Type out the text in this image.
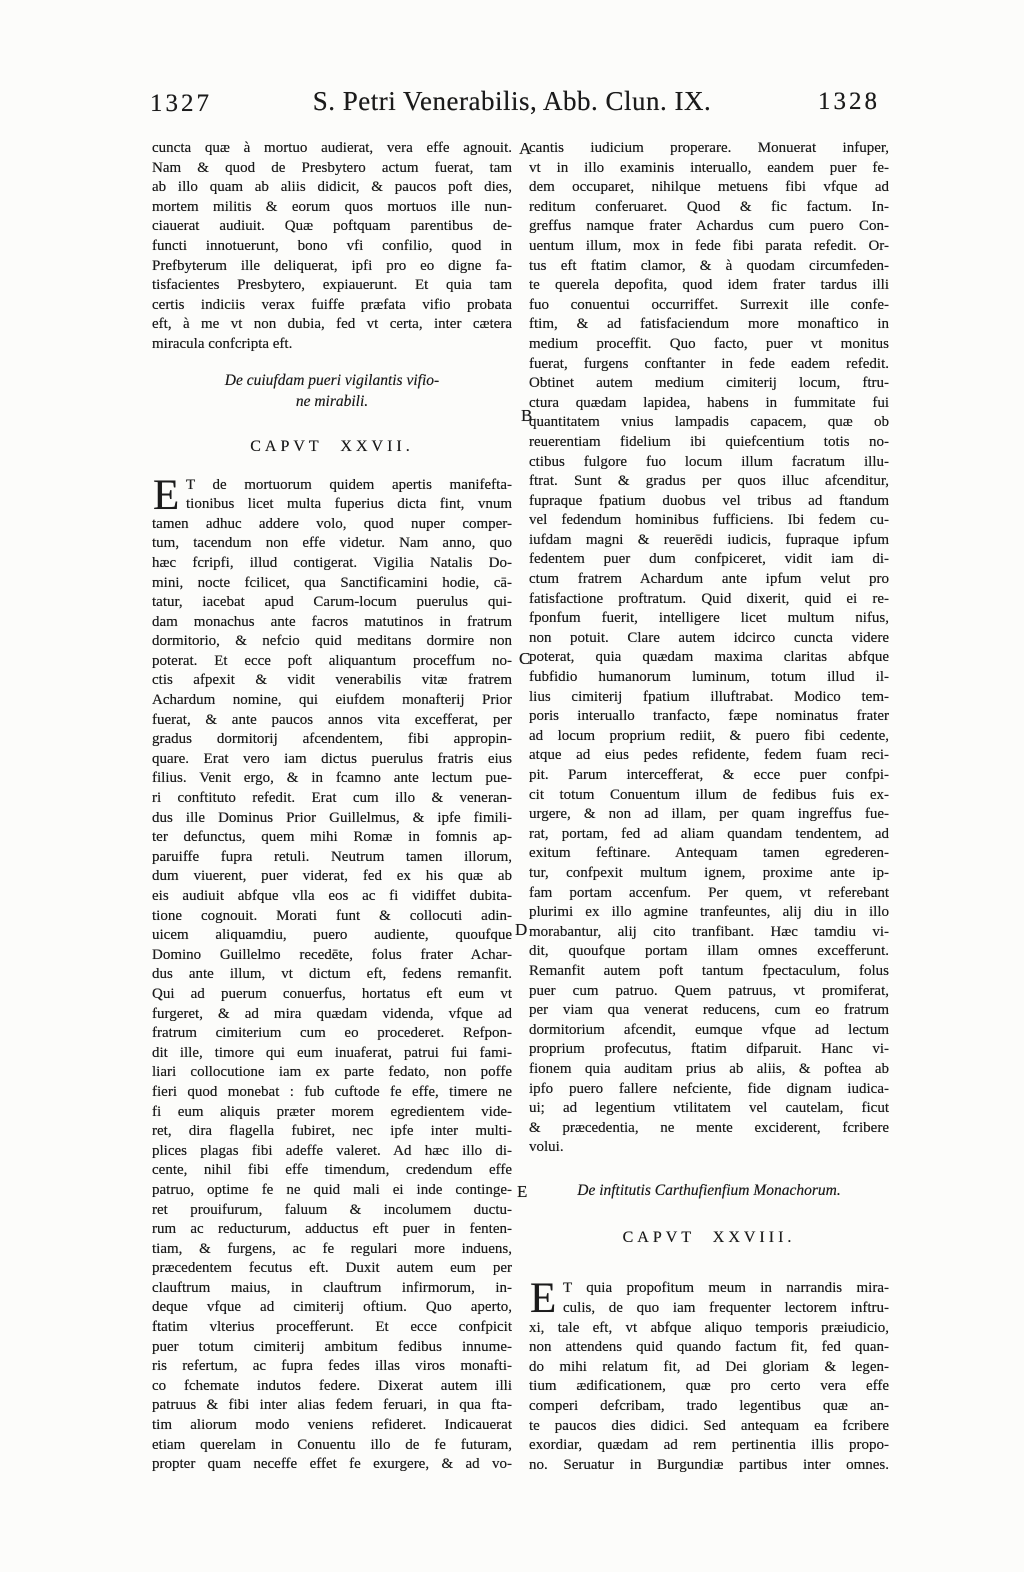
1327	S. Petri Venerabilis, Abb. Clun. IX.	1328
A
B
C
D
E
cuncta quæ à mortuo audierat, vera effe agnouit.
Nam & quod de Presbytero actum fuerat, tam
ab illo quam ab aliis didicit, & paucos poft dies,
mortem militis & eorum quos mortuos ille nun-
ciauerat audiuit. Quæ poftquam parentibus de-
functi innotuerunt, bono vfi confilio, quod in
Prefbyterum ille deliquerat, ipfi pro eo digne fa-
tisfacientes Presbytero, expiauerunt. Et quia tam
certis indiciis verax fuiffe præfata vifio probata
eft, à me vt non dubia, fed vt certa, inter cætera
miracula confcripta eft.
De cuiufdam pueri vigilantis vifio-
ne mirabili.
CAPVT XXVII.
E T de mortuorum quidem apertis manifefta-
tionibus licet multa fuperius dicta fint, vnum
tamen adhuc addere volo, quod nuper comper-
tum, tacendum non effe videtur. Nam anno, quo
hæc fcripfi, illud contigerat. Vigilia Natalis Do-
mini, nocte fcilicet, qua Sanctificamini hodie, cā-
tatur, iacebat apud Carum-locum puerulus qui-
dam monachus ante facros matutinos in fratrum
dormitorio, & nefcio quid meditans dormire non
poterat. Et ecce poft aliquantum proceffum no-
ctis afpexit & vidit venerabilis vitæ fratrem
Achardum nomine, qui eiufdem monafterij Prior
fuerat, & ante paucos annos vita excefferat, per
gradus dormitorij afcendentem, fibi appropin-
quare. Erat vero iam dictus puerulus fratris eius
filius. Venit ergo, & in fcamno ante lectum pue-
ri conftituto refedit. Erat cum illo & veneran-
dus ille Dominus Prior Guillelmus, & ipfe fimili-
ter defunctus, quem mihi Romæ in fomnis ap-
paruiffe fupra retuli. Neutrum tamen illorum,
dum viuerent, puer viderat, fed ex his quæ ab
eis audiuit abfque vlla eos ac fi vidiffet dubita-
tione cognouit. Morati funt & collocuti adin-
uicem aliquamdiu, puero audiente, quoufque
Domino Guillelmo recedēte, folus frater Achar-
dus ante illum, vt dictum eft, fedens remanfit.
Qui ad puerum conuerfus, hortatus eft eum vt
furgeret, & ad mira quædam videnda, vfque ad
fratrum cimiterium cum eo procederet. Refpon-
dit ille, timore qui eum inuaferat, patrui fui fami-
liari collocutione iam ex parte fedato, non poffe
fieri quod monebat : fub cuftode fe effe, timere ne
fi eum aliquis præter morem egredientem vide-
ret, dira flagella fubiret, nec ipfe inter multi-
plices plagas fibi adeffe valeret. Ad hæc illo di-
cente, nihil fibi effe timendum, credendum effe
patruo, optime fe ne quid mali ei inde continge-
ret prouifurum, faluum & incolumem ductu-
rum ac reducturum, adductus eft puer in fenten-
tiam, & furgens, ac fe regulari more induens,
præcedentem fecutus eft. Duxit autem eum per
clauftrum maius, in clauftrum infirmorum, in-
deque vfque ad cimiterij oftium. Quo aperto,
ftatim vlterius procefferunt. Et ecce confpicit
puer totum cimiterij ambitum fedibus innume-
ris refertum, ac fupra fedes illas viros monafti-
co fchemate indutos federe. Dixerat autem illi
patruus & fibi inter alias fedem feruari, in qua fta-
tim aliorum modo veniens refideret. Indicauerat
etiam querelam in Conuentu illo de fe futuram,
propter quam neceffe effet fe exurgere, & ad vo-
cantis iudicium properare. Monuerat infuper,
vt in illo examinis interuallo, eandem puer fe-
dem occuparet, nihilque metuens fibi vfque ad
reditum conferuaret. Quod & fic factum. In-
greffus namque frater Achardus cum puero Con-
uentum illum, mox in fede fibi parata refedit. Or-
tus eft ftatim clamor, & à quodam circumfeden-
te querela depofita, quod idem frater tardus illi
fuo conuentui occurriffet. Surrexit ille confe-
ftim, & ad fatisfaciendum more monaftico in
medium proceffit. Quo facto, puer vt monitus
fuerat, furgens conftanter in fede eadem refedit.
Obtinet autem medium cimiterij locum, ftru-
ctura quædam lapidea, habens in fummitate fui
quantitatem vnius lampadis capacem, quæ ob
reuerentiam fidelium ibi quiefcentium totis no-
ctibus fulgore fuo locum illum facratum illu-
ftrat. Sunt & gradus per quos illuc afcenditur,
fupraque fpatium duobus vel tribus ad ftandum
vel fedendum hominibus fufficiens. Ibi fedem cu-
iufdam magni & reuerēdi iudicis, fupraque ipfum
fedentem puer dum confpiceret, vidit iam di-
ctum fratrem Achardum ante ipfum velut pro
fatisfactione proftratum. Quid dixerit, quid ei re-
fponfum fuerit, intelligere licet multum nifus,
non potuit. Clare autem idcirco cuncta videre
poterat, quia quædam maxima claritas abfque
fubfidio humanorum luminum, totum illud il-
lius cimiterij fpatium illuftrabat. Modico tem-
poris interuallo tranfacto, fæpe nominatus frater
ad locum proprium rediit, & puero fibi cedente,
atque ad eius pedes refidente, fedem fuam reci-
pit. Parum intercefferat, & ecce puer confpi-
cit totum Conuentum illum de fedibus fuis ex-
urgere, & non ad illam, per quam ingreffus fue-
rat, portam, fed ad aliam quandam tendentem, ad
exitum feftinare. Antequam tamen egrederen-
tur, confpexit multum ignem, proxime ante ip-
fam portam accenfum. Per quem, vt referebant
plurimi ex illo agmine tranfeuntes, alij diu in illo
morabantur, alij cito tranfibant. Hæc tamdiu vi-
dit, quoufque portam illam omnes excefferunt.
Remanfit autem poft tantum fpectaculum, folus
puer cum patruo. Quem patruus, vt promiferat,
per viam qua venerat reducens, cum eo fratrum
dormitorium afcendit, eumque vfque ad lectum
proprium profecutus, ftatim difparuit. Hanc vi-
fionem quia auditam prius ab aliis, & poftea ab
ipfo puero fallere nefciente, fide dignam iudica-
ui; ad legentium vtilitatem vel cautelam, ficut
& præcedentia, ne mente exciderent, fcribere
volui.
De inftitutis Carthufienfium Monachorum.
CAPVT XXVIII.
E T quia propofitum meum in narrandis mira-
culis, de quo iam frequenter lectorem inftru-
xi, tale eft, vt abfque aliquo temporis præiudicio,
non attendens quid quando factum fit, fed quan-
do mihi relatum fit, ad Dei gloriam & legen-
tium ædificationem, quæ pro certo vera effe
comperi defcribam, trado legentibus quæ an-
te paucos dies didici. Sed antequam ea fcribere
exordiar, quædam ad rem pertinentia illis propo-
no. Seruatur in Burgundiæ partibus inter omnes.
